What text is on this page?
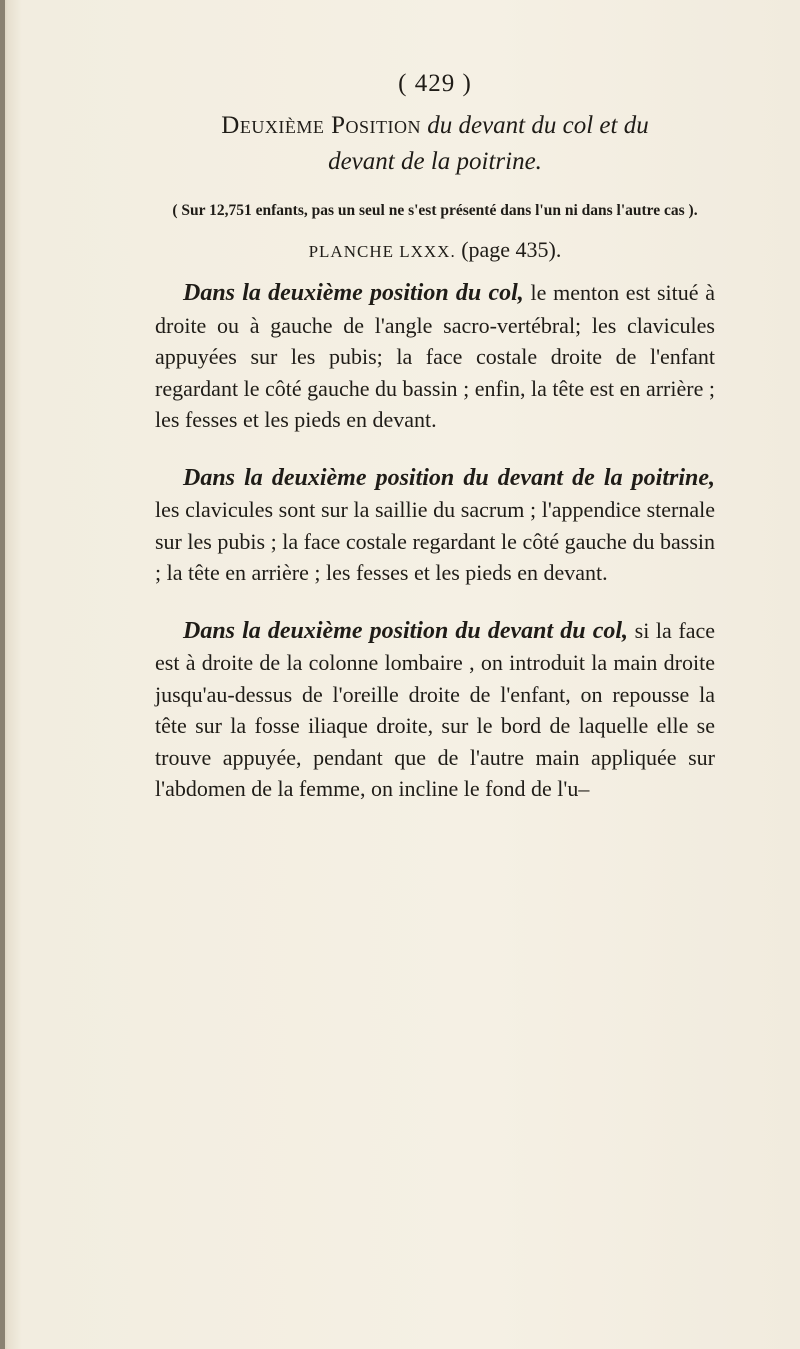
( 429 )
Deuxième Position du devant du col et du
devant de la poitrine.
( Sur 12,751 enfants, pas un seul ne s'est présenté dans l'un ni dans l'autre cas ).
PLANCHE LXXX. (page 435).

Dans la deuxième position du col, le menton est situé à droite ou à gauche de l'angle sacro-vertébral; les clavicules appuyées sur les pubis; la face costale droite de l'enfant regardant le côté gauche du bassin ; enfin, la tête est en arrière ; les fesses et les pieds en devant.

Dans la deuxième position du devant de la poitrine, les clavicules sont sur la saillie du sacrum ; l'appendice sternale sur les pubis ; la face costale regardant le côté gauche du bassin ; la tête en arrière ; les fesses et les pieds en devant.

Dans la deuxième position du devant du col, si la face est à droite de la colonne lombaire , on introduit la main droite jusqu'au-dessus de l'oreille droite de l'enfant, on repousse la tête sur la fosse iliaque droite, sur le bord de laquelle elle se trouve appuyée, pendant que de l'autre main appliquée sur l'abdomen de la femme, on incline le fond de l'u–
